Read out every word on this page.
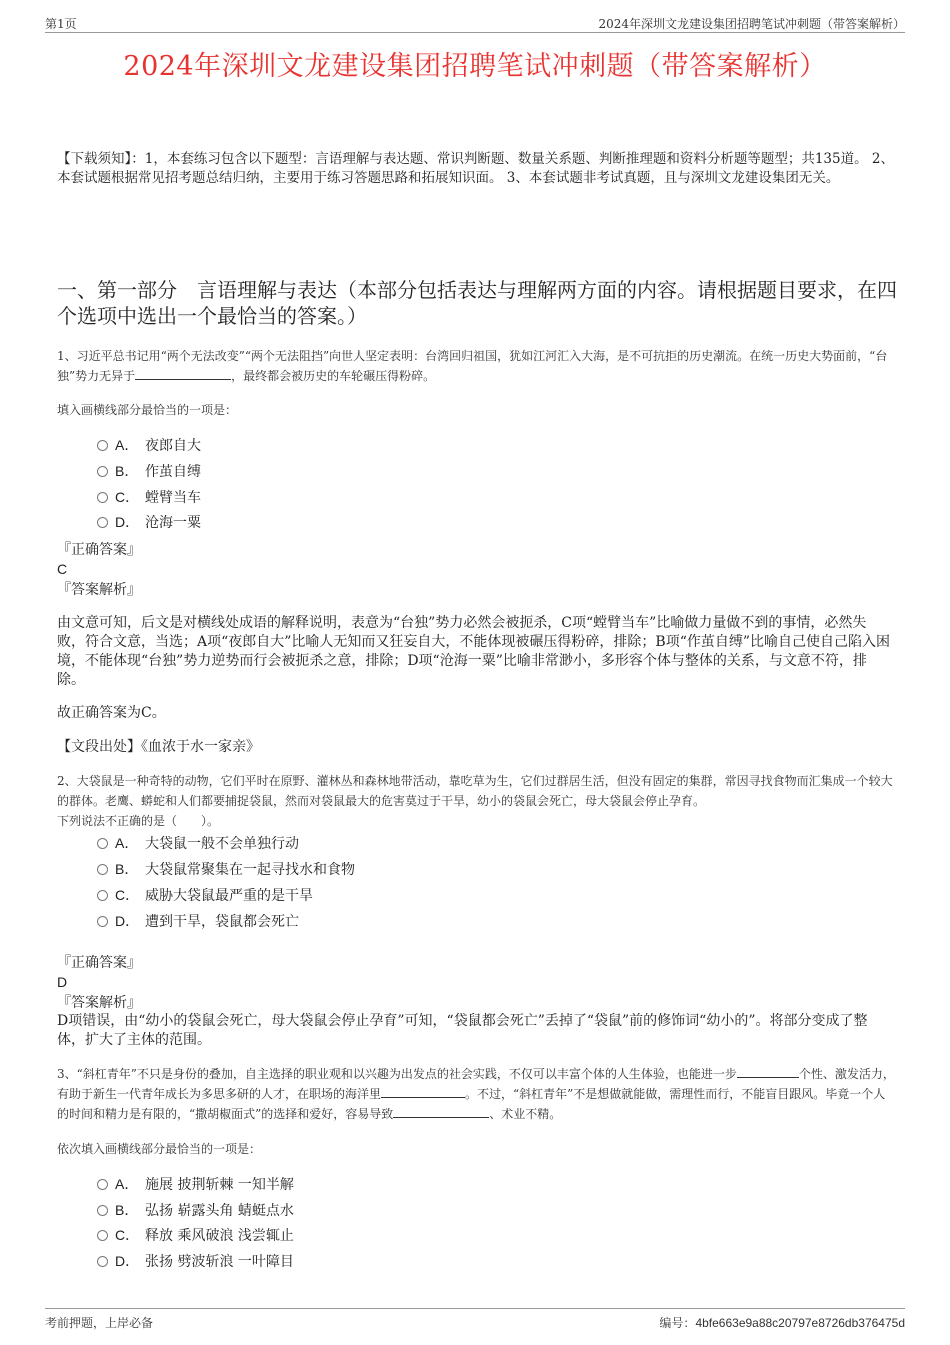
第1页	2024年深圳文龙建设集团招聘笔试冲刺题（带答案解析）
2024年深圳文龙建设集团招聘笔试冲刺题（带答案解析）
【下载须知】：1，本套练习包含以下题型：言语理解与表达题、常识判断题、数量关系题、判断推理题和资料分析题等题型；共135道。 2、本套试题根据常见招考题总结归纳，主要用于练习答题思路和拓展知识面。 3、本套试题非考试真题，且与深圳文龙建设集团无关。
一、第一部分　言语理解与表达（本部分包括表达与理解两方面的内容。请根据题目要求，在四个选项中选出一个最恰当的答案。）
1、习近平总书记用“两个无法改变”“两个无法阻挡”向世人坚定表明：台湾回归祖国，犹如江河汇入大海，是不可抗拒的历史潮流。在统一历史大势面前，“台独”势力无异于	，最终都会被历史的车轮碾压得粉碎。
填入画横线部分最恰当的一项是：
A． 夜郎自大
B． 作茧自缚
C． 螳臂当车
D． 沧海一粟
『正确答案』
C
『答案解析』
由文意可知，后文是对横线处成语的解释说明，表意为“台独”势力必然会被扼杀，C项“螳臂当车”比喻做力量做不到的事情，必然失败，符合文意，当选；A项“夜郎自大”比喻人无知而又狂妄自大，不能体现被碾压得粉碎，排除；B项“作茧自缚”比喻自己使自己陷入困境，不能体现“台独”势力逆势而行会被扼杀之意，排除；D项“沧海一粟”比喻非常渺小，多形容个体与整体的关系，与文意不符，排除。
故正确答案为C。
【文段出处】《血浓于水一家亲》
2、大袋鼠是一种奇特的动物，它们平时在原野、灌林丛和森林地带活动，靠吃草为生，它们过群居生活，但没有固定的集群，常因寻找食物而汇集成一个较大的群体。老鹰、蟒蛇和人们都要捕捉袋鼠，然而对袋鼠最大的危害莫过于干旱，幼小的袋鼠会死亡，母大袋鼠会停止孕育。
下列说法不正确的是（　　）。
A． 大袋鼠一般不会单独行动
B． 大袋鼠常聚集在一起寻找水和食物
C． 威胁大袋鼠最严重的是干旱
D． 遭到干旱，袋鼠都会死亡
『正确答案』
D
『答案解析』
D项错误，由“幼小的袋鼠会死亡，母大袋鼠会停止孕育”可知，“袋鼠都会死亡”丢掉了“袋鼠”前的修饰词“幼小的”。将部分变成了整体，扩大了主体的范围。
3、“斜杠青年”不只是身份的叠加，自主选择的职业观和以兴趣为出发点的社会实践，不仅可以丰富个体的人生体验，也能进一步	个性、激发活力，有助于新生一代青年成长为多思多研的人才，在职场的海洋里	。不过，“斜杠青年”不是想做就能做，需理性而行，不能盲目跟风。毕竟一个人的时间和精力是有限的，“撒胡椒面式”的选择和爱好，容易导致	、术业不精。
依次填入画横线部分最恰当的一项是：
A． 施展 披荆斩棘 一知半解
B． 弘扬 崭露头角 蜻蜓点水
C． 释放 乘风破浪 浅尝辄止
D． 张扬 劈波斩浪 一叶障目
考前押题，上岸必备	编号：4bfe663e9a88c20797e8726db376475d
